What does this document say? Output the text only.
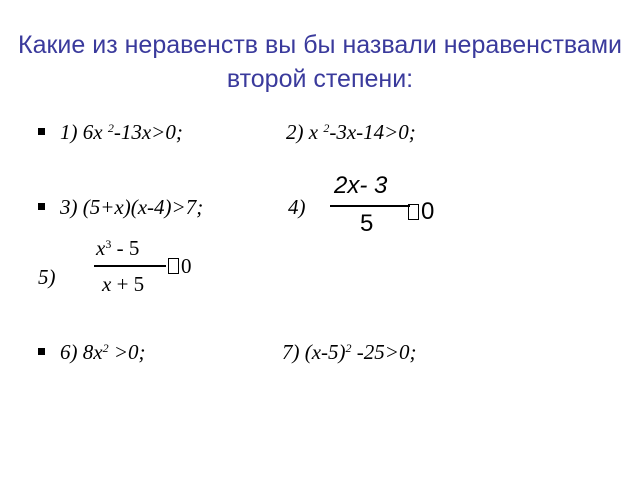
Какие из неравенств вы бы назвали неравенствами второй степени:
1) 6x $^2$-13x>0;	2) x $^2$-3x-14>0;
3) (5+x)(x-4)>7;	4)
2x- 3
5	0
5)
$x^3 - 5$
x + 5
0
6) $8x^2 >0$;	7) $(x-5)^2$ -25>0;
